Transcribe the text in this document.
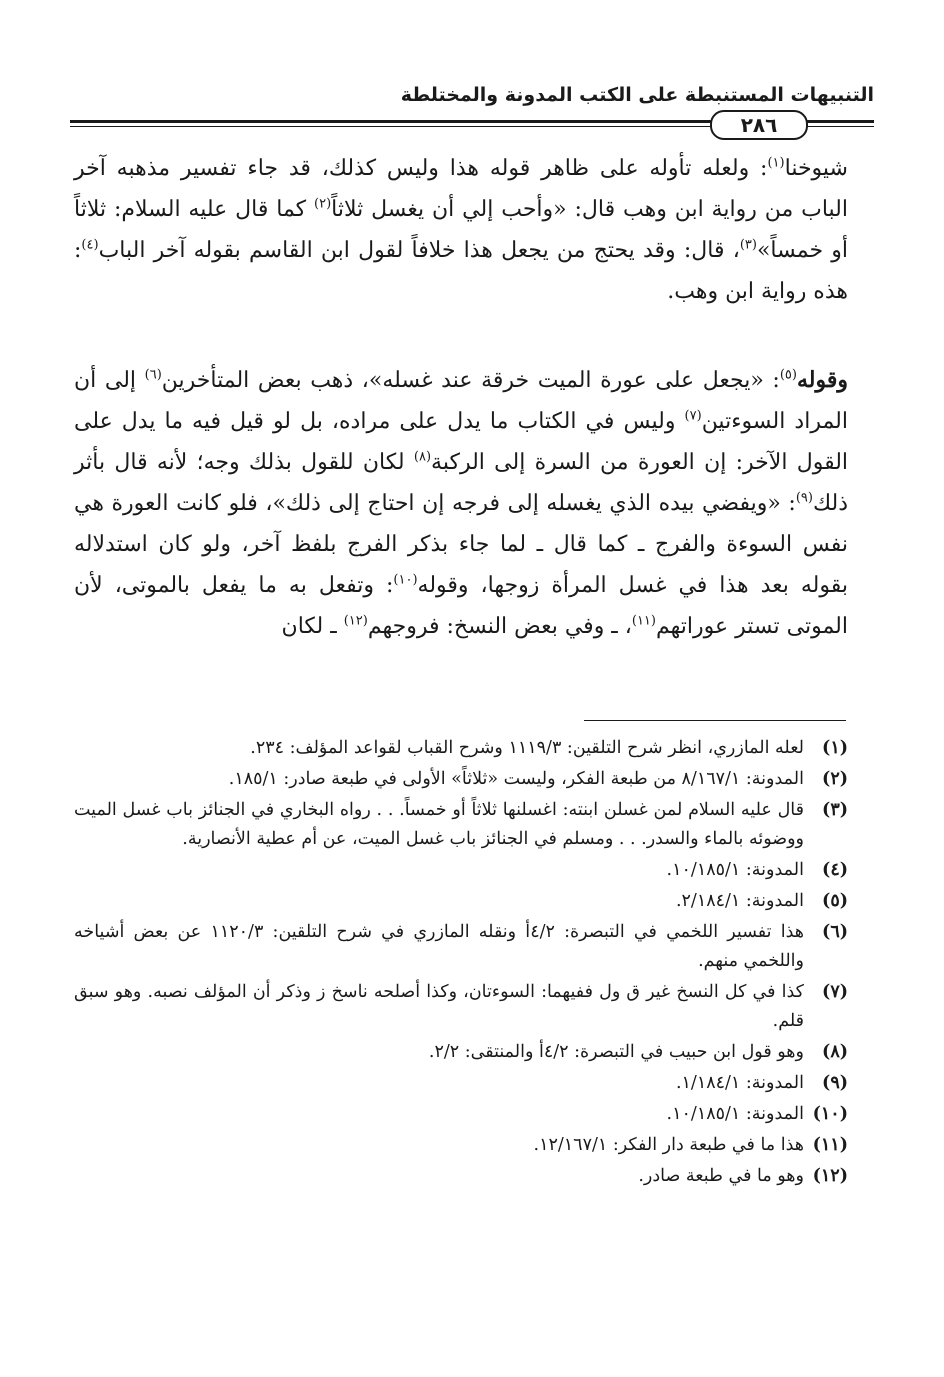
التنبيهات المستنبطة على الكتب المدونة والمختلطة
٢٨٦
شيوخنا$^{(١)}$: ولعله تأوله على ظاهر قوله هذا وليس كذلك، قد جاء تفسير مذهبه آخر الباب من رواية ابن وهب قال: «وأحب إلي أن يغسل ثلاثاً$^{(٢)}$ كما قال عليه السلام: ثلاثاً أو خمساً»$^{(٣)}$، قال: وقد يحتج من يجعل هذا خلافاً لقول ابن القاسم بقوله آخر الباب$^{(٤)}$: هذه رواية ابن وهب.
وقوله$^{(٥)}$: «يجعل على عورة الميت خرقة عند غسله»، ذهب بعض المتأخرين$^{(٦)}$ إلى أن المراد السوءتين$^{(٧)}$ وليس في الكتاب ما يدل على مراده، بل لو قيل فيه ما يدل على القول الآخر: إن العورة من السرة إلى الركبة$^{(٨)}$ لكان للقول بذلك وجه؛ لأنه قال بأثر ذلك$^{(٩)}$: «ويفضي بيده الذي يغسله إلى فرجه إن احتاج إلى ذلك»، فلو كانت العورة هي نفس السوءة والفرج ـ كما قال ـ لما جاء بذكر الفرج بلفظ آخر، ولو كان استدلاله بقوله بعد هذا في غسل المرأة زوجها، وقوله$^{(١٠)}$: وتفعل به ما يفعل بالموتى، لأن الموتى تستر عوراتهم$^{(١١)}$، ـ وفي بعض النسخ: فروجهم$^{(١٢)}$ ـ لكان
(١)
لعله المازري، انظر شرح التلقين: ١١١٩/٣ وشرح القباب لقواعد المؤلف: ٢٣٤.
(٢)
المدونة: ٨/١٦٧/١ من طبعة الفكر، وليست «ثلاثاً» الأولى في طبعة صادر: ١٨٥/١.
(٣)
قال عليه السلام لمن غسلن ابنته: اغسلنها ثلاثاً أو خمساً. . . رواه البخاري في الجنائز باب غسل الميت ووضوئه بالماء والسدر. . . ومسلم في الجنائز باب غسل الميت، عن أم عطية الأنصارية.
(٤)
المدونة: ١٠/١٨٥/١.
(٥)
المدونة: ٢/١٨٤/١.
(٦)
هذا تفسير اللخمي في التبصرة: ٤/٢أ ونقله المازري في شرح التلقين: ١١٢٠/٣ عن بعض أشياخه واللخمي منهم.
(٧)
كذا في كل النسخ غير ق ول ففيهما: السوءتان، وكذا أصلحه ناسخ ز وذكر أن المؤلف نصبه. وهو سبق قلم.
(٨)
وهو قول ابن حبيب في التبصرة: ٤/٢أ والمنتقى: ٢/٢.
(٩)
المدونة: ١/١٨٤/١.
(١٠)
المدونة: ١٠/١٨٥/١.
(١١)
هذا ما في طبعة دار الفكر: ١٢/١٦٧/١.
(١٢)
وهو ما في طبعة صادر.
